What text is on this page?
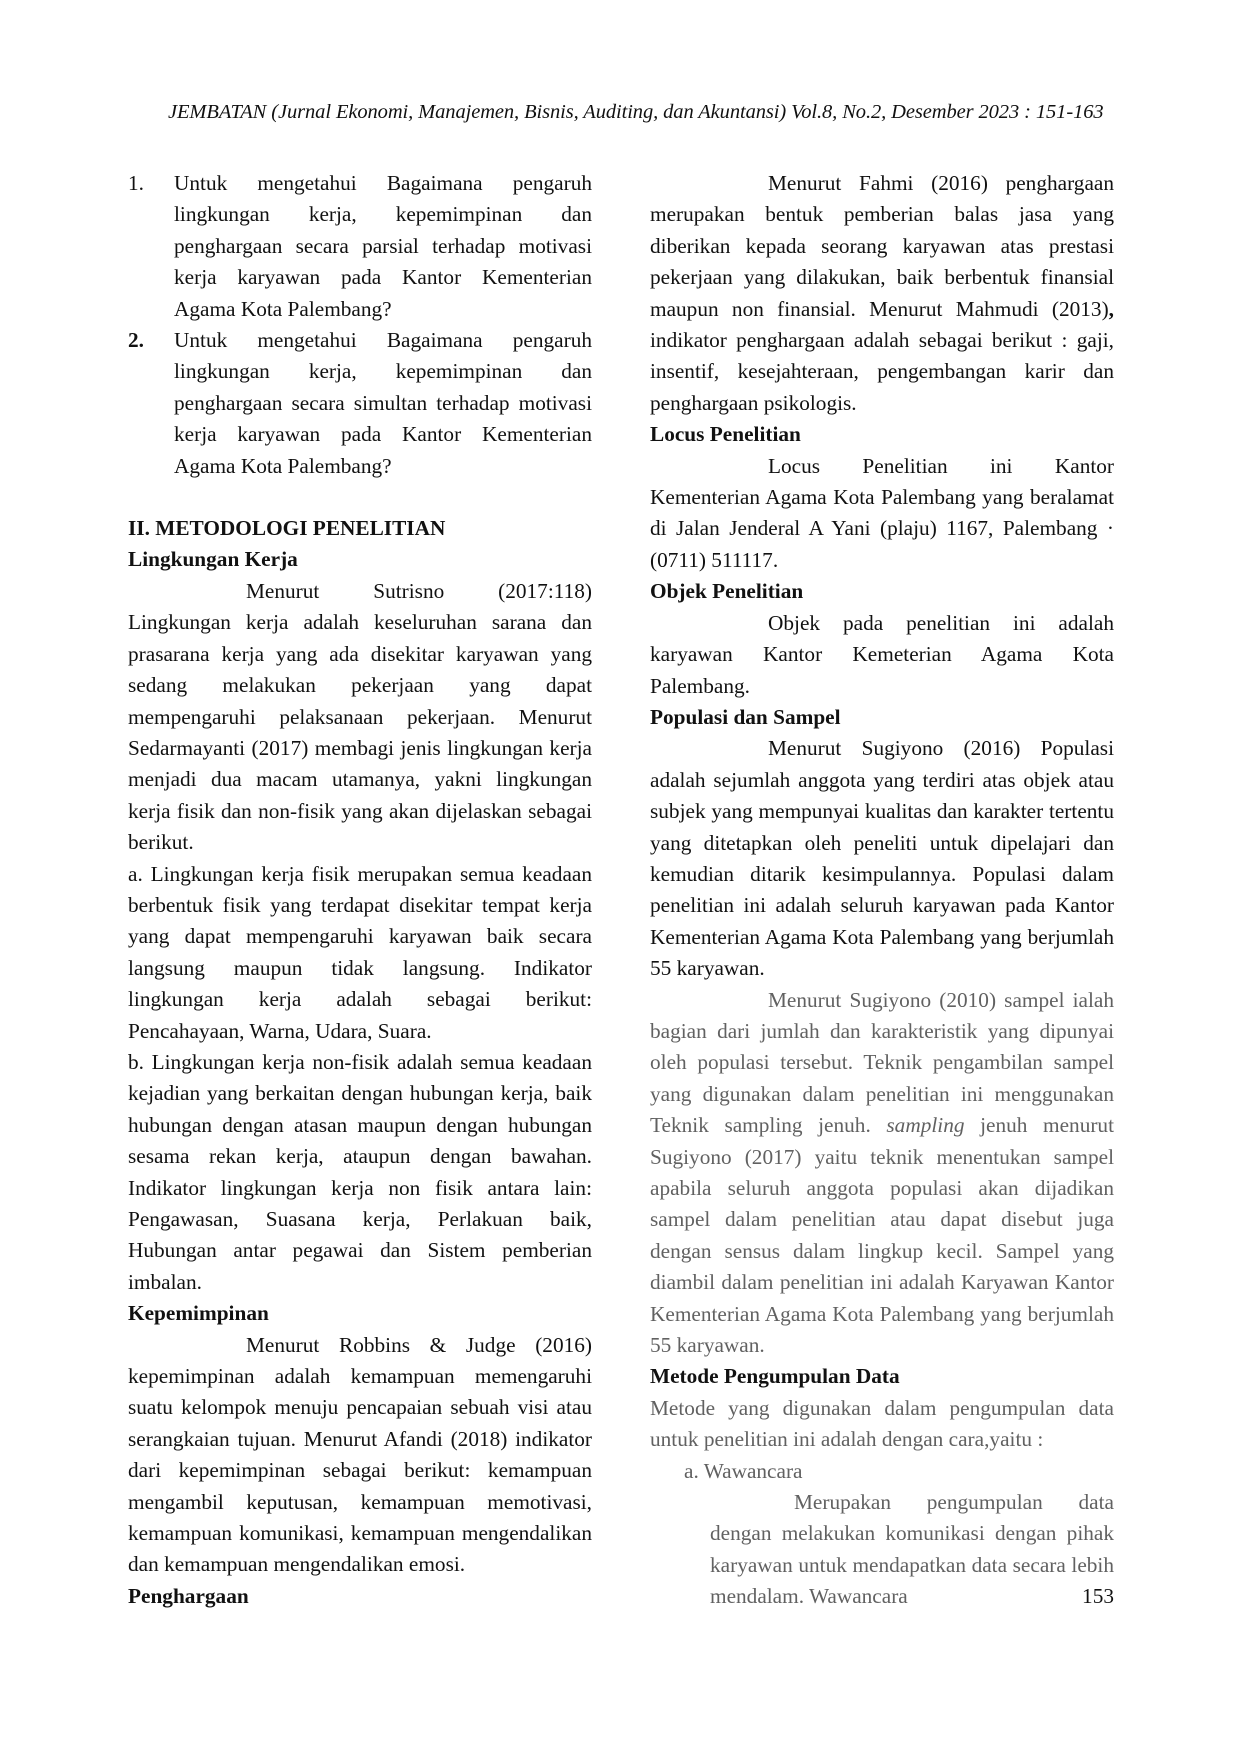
JEMBATAN (Jurnal Ekonomi, Manajemen, Bisnis, Auditing, dan Akuntansi) Vol.8, No.2, Desember 2023 : 151-163
1.	Untuk mengetahui Bagaimana pengaruh lingkungan kerja, kepemimpinan dan penghargaan secara parsial terhadap motivasi kerja karyawan pada Kantor Kementerian Agama Kota Palembang?
2.	Untuk mengetahui Bagaimana pengaruh lingkungan kerja, kepemimpinan dan penghargaan secara simultan terhadap motivasi kerja karyawan pada Kantor Kementerian Agama Kota Palembang?

II. METODOLOGI PENELITIAN

Lingkungan Kerja

Menurut Sutrisno (2017:118) Lingkungan kerja adalah keseluruhan sarana dan prasarana kerja yang ada disekitar karyawan yang sedang melakukan pekerjaan yang dapat mempengaruhi pelaksanaan pekerjaan. Menurut Sedarmayanti (2017) membagi jenis lingkungan kerja menjadi dua macam utamanya, yakni lingkungan kerja fisik dan non-fisik yang akan dijelaskan sebagai berikut.

a. Lingkungan kerja fisik merupakan semua keadaan berbentuk fisik yang terdapat disekitar tempat kerja yang dapat mempengaruhi karyawan baik secara langsung maupun tidak langsung. Indikator lingkungan kerja adalah sebagai berikut: Pencahayaan, Warna, Udara, Suara.

b. Lingkungan kerja non-fisik adalah semua keadaan kejadian yang berkaitan dengan hubungan kerja, baik hubungan dengan atasan maupun dengan hubungan sesama rekan kerja, ataupun dengan bawahan. Indikator lingkungan kerja non fisik antara lain: Pengawasan, Suasana kerja, Perlakuan baik, Hubungan antar pegawai dan Sistem pemberian imbalan.

Kepemimpinan

Menurut Robbins & Judge (2016) kepemimpinan adalah kemampuan memengaruhi suatu kelompok menuju pencapaian sebuah visi atau serangkaian tujuan. Menurut Afandi (2018) indikator dari kepemimpinan sebagai berikut: kemampuan mengambil keputusan, kemampuan memotivasi, kemampuan komunikasi, kemampuan mengendalikan dan kemampuan mengendalikan emosi.

Penghargaan

Menurut Fahmi (2016) penghargaan merupakan bentuk pemberian balas jasa yang diberikan kepada seorang karyawan atas prestasi pekerjaan yang dilakukan, baik berbentuk finansial maupun non finansial. Menurut Mahmudi (2013), indikator penghargaan adalah sebagai berikut : gaji, insentif, kesejahteraan, pengembangan karir dan penghargaan psikologis.

Locus Penelitian

Locus Penelitian ini Kantor Kementerian Agama Kota Palembang yang beralamat di Jalan Jenderal A Yani (plaju) 1167, Palembang · (0711) 511117.

Objek Penelitian

Objek pada penelitian ini adalah karyawan Kantor Kemeterian Agama Kota Palembang.

Populasi dan Sampel

Menurut Sugiyono (2016) Populasi adalah sejumlah anggota yang terdiri atas objek atau subjek yang mempunyai kualitas dan karakter tertentu yang ditetapkan oleh peneliti untuk dipelajari dan kemudian ditarik kesimpulannya. Populasi dalam penelitian ini adalah seluruh karyawan pada Kantor Kementerian Agama Kota Palembang yang berjumlah 55 karyawan.

Menurut Sugiyono (2010) sampel ialah bagian dari jumlah dan karakteristik yang dipunyai oleh populasi tersebut. Teknik pengambilan sampel yang digunakan dalam penelitian ini menggunakan Teknik sampling jenuh. sampling jenuh menurut Sugiyono (2017) yaitu teknik menentukan sampel apabila seluruh anggota populasi akan dijadikan sampel dalam penelitian atau dapat disebut juga dengan sensus dalam lingkup kecil. Sampel yang diambil dalam penelitian ini adalah Karyawan Kantor Kementerian Agama Kota Palembang yang berjumlah 55 karyawan.

Metode Pengumpulan Data

Metode yang digunakan dalam pengumpulan data untuk penelitian ini adalah dengan cara,yaitu :

a. Wawancara

Merupakan pengumpulan data dengan melakukan komunikasi dengan pihak karyawan untuk mendapatkan data secara lebih mendalam. Wawancara	153
